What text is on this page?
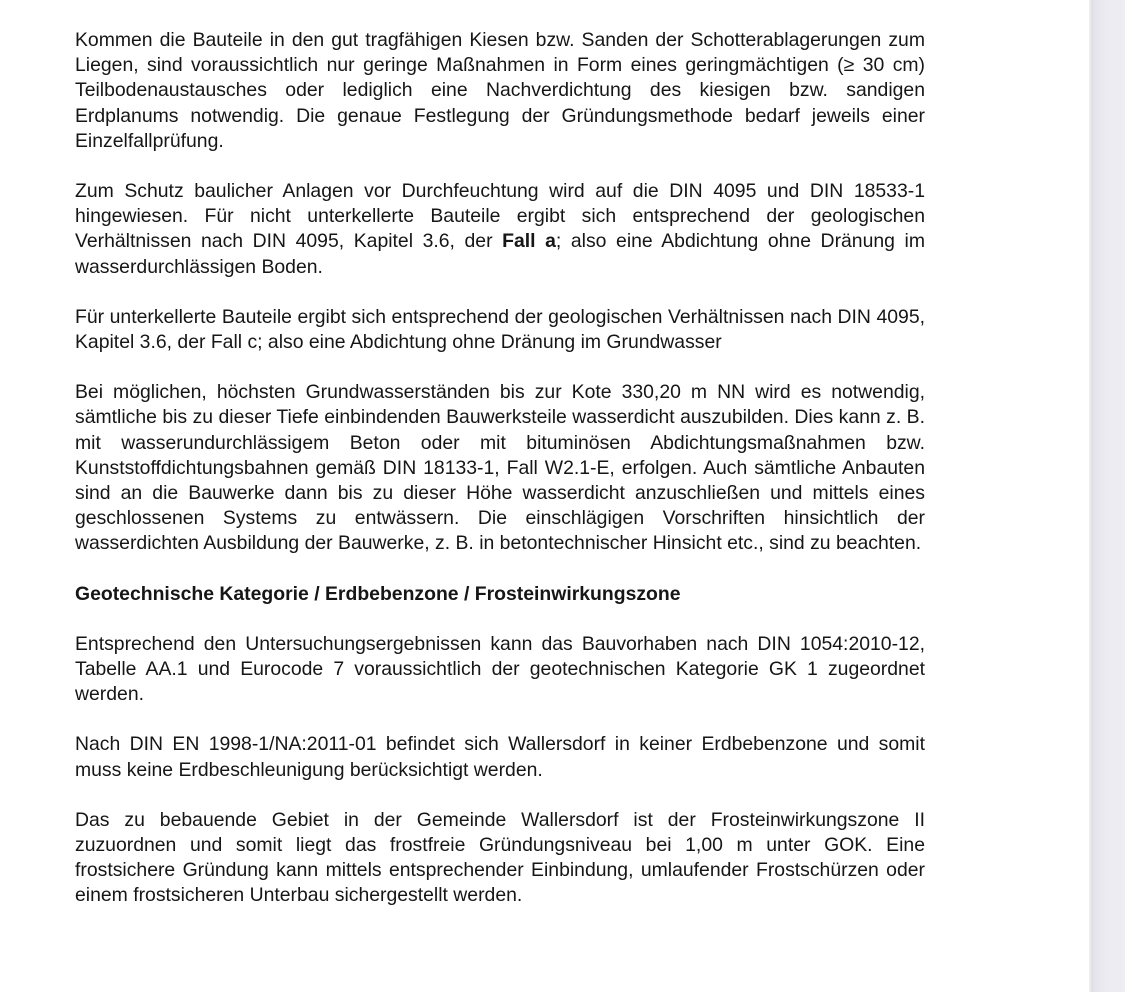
Kommen die Bauteile in den gut tragfähigen Kiesen bzw. Sanden der Schotterablagerungen zum Liegen, sind voraussichtlich nur geringe Maßnahmen in Form eines geringmächtigen (≥ 30 cm) Teilbodenaustausches oder lediglich eine Nachverdichtung des kiesigen bzw. sandigen Erdplanums notwendig. Die genaue Festlegung der Gründungsmethode bedarf jeweils einer Einzelfallprüfung.

Zum Schutz baulicher Anlagen vor Durchfeuchtung wird auf die DIN 4095 und DIN 18533-1 hingewiesen. Für nicht unterkellerte Bauteile ergibt sich entsprechend der geologischen Verhältnissen nach DIN 4095, Kapitel 3.6, der Fall a; also eine Abdichtung ohne Dränung im wasserdurchlässigen Boden.

Für unterkellerte Bauteile ergibt sich entsprechend der geologischen Verhältnissen nach DIN 4095, Kapitel 3.6, der Fall c; also eine Abdichtung ohne Dränung im Grundwasser

Bei möglichen, höchsten Grundwasserständen bis zur Kote 330,20 m NN wird es notwendig, sämtliche bis zu dieser Tiefe einbindenden Bauwerksteile wasserdicht auszubilden. Dies kann z. B. mit wasserundurchlässigem Beton oder mit bituminösen Abdichtungsmaßnahmen bzw. Kunststoffdichtungsbahnen gemäß DIN 18133-1, Fall W2.1-E, erfolgen. Auch sämtliche Anbauten sind an die Bauwerke dann bis zu dieser Höhe wasserdicht anzuschließen und mittels eines geschlossenen Systems zu entwässern. Die einschlägigen Vorschriften hinsichtlich der wasserdichten Ausbildung der Bauwerke, z. B. in betontechnischer Hinsicht etc., sind zu beachten.

Geotechnische Kategorie / Erdbebenzone / Frosteinwirkungszone

Entsprechend den Untersuchungsergebnissen kann das Bauvorhaben nach DIN 1054:2010-12, Tabelle AA.1 und Eurocode 7 voraussichtlich der geotechnischen Kategorie GK 1 zugeordnet werden.

Nach DIN EN 1998-1/NA:2011-01 befindet sich Wallersdorf in keiner Erdbebenzone und somit muss keine Erdbeschleunigung berücksichtigt werden.

Das zu bebauende Gebiet in der Gemeinde Wallersdorf ist der Frosteinwirkungszone II zuzuordnen und somit liegt das frostfreie Gründungsniveau bei 1,00 m unter GOK. Eine frostsichere Gründung kann mittels entsprechender Einbindung, umlaufender Frostschürzen oder einem frostsicheren Unterbau sichergestellt werden.
